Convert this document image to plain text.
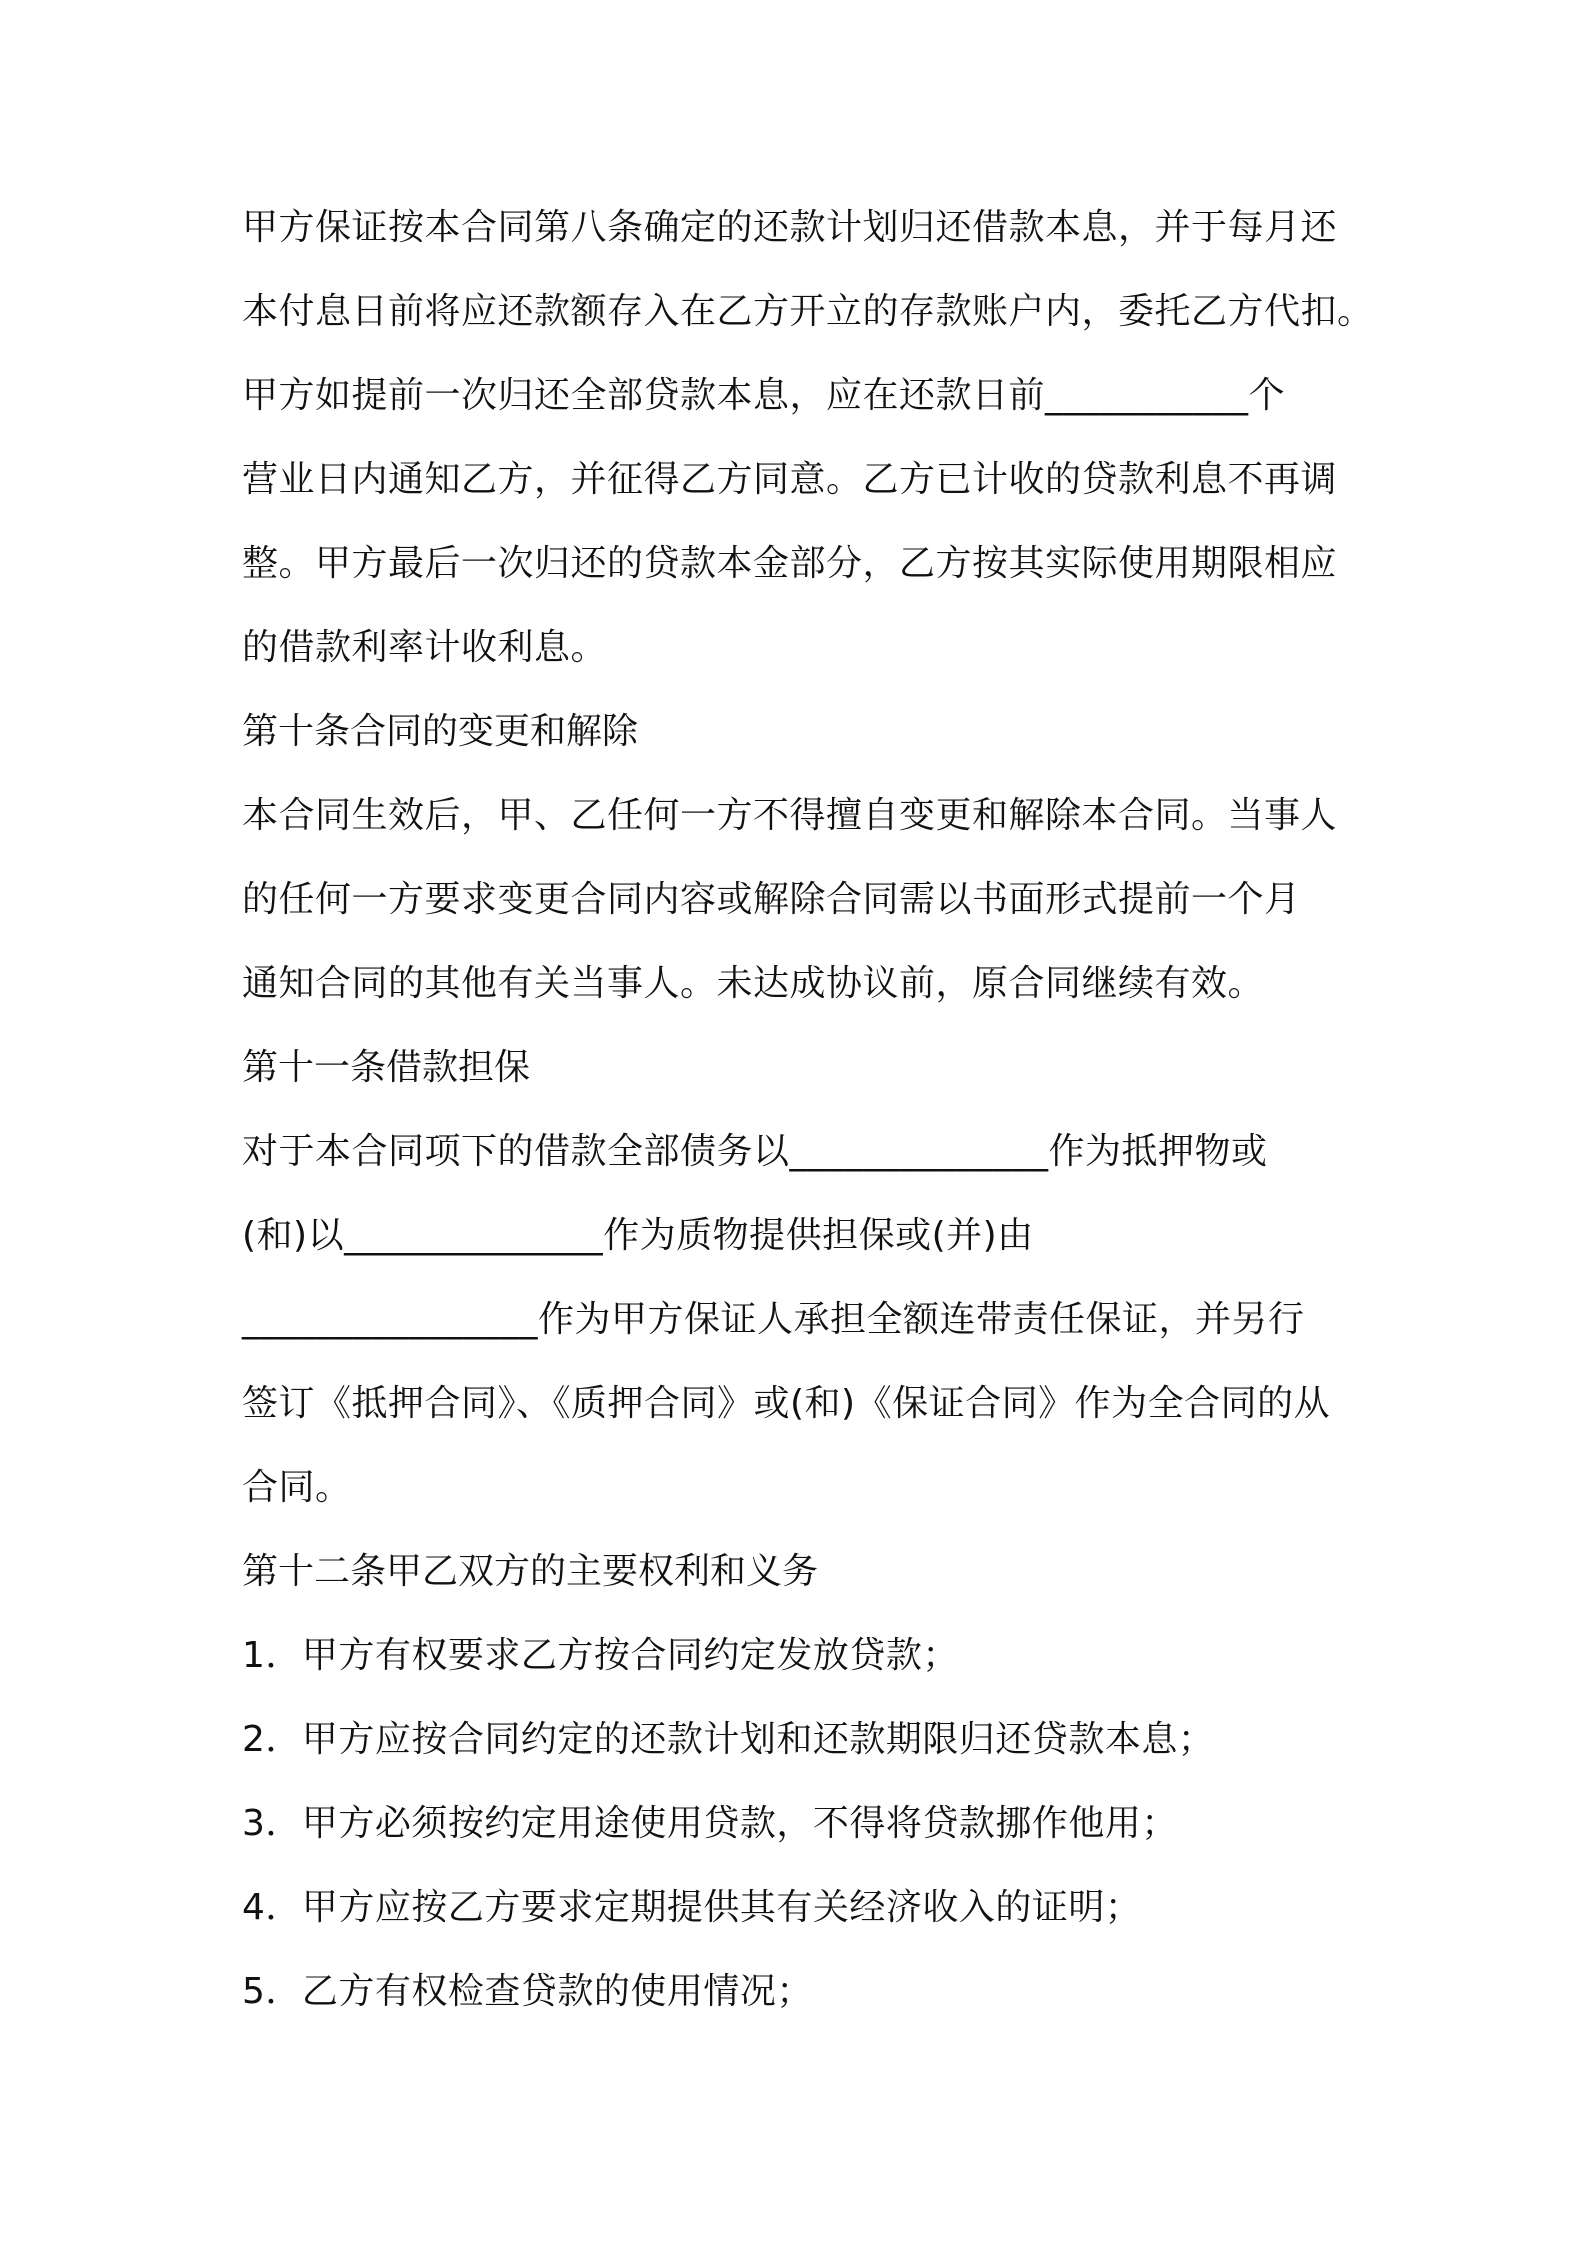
甲方保证按本合同第八条确定的还款计划归还借款本息，并于每月还
本付息日前将应还款额存入在乙方开立的存款账户内，委托乙方代扣。
甲方如提前一次归还全部贷款本息，应在还款日前___________个
营业日内通知乙方，并征得乙方同意。乙方已计收的贷款利息不再调
整。甲方最后一次归还的贷款本金部分，乙方按其实际使用期限相应
的借款利率计收利息。
第十条合同的变更和解除
本合同生效后，甲、乙任何一方不得擅自变更和解除本合同。当事人
的任何一方要求变更合同内容或解除合同需以书面形式提前一个月
通知合同的其他有关当事人。未达成协议前，原合同继续有效。
第十一条借款担保
对于本合同项下的借款全部债务以______________作为抵押物或
(和)以______________作为质物提供担保或(并)由
________________作为甲方保证人承担全额连带责任保证，并另行
签订《抵押合同》、《质押合同》或(和)《保证合同》作为全合同的从
合同。
第十二条甲乙双方的主要权利和义务
1．甲方有权要求乙方按合同约定发放贷款；
2．甲方应按合同约定的还款计划和还款期限归还贷款本息；
3．甲方必须按约定用途使用贷款，不得将贷款挪作他用；
4．甲方应按乙方要求定期提供其有关经济收入的证明；
5．乙方有权检查贷款的使用情况；
